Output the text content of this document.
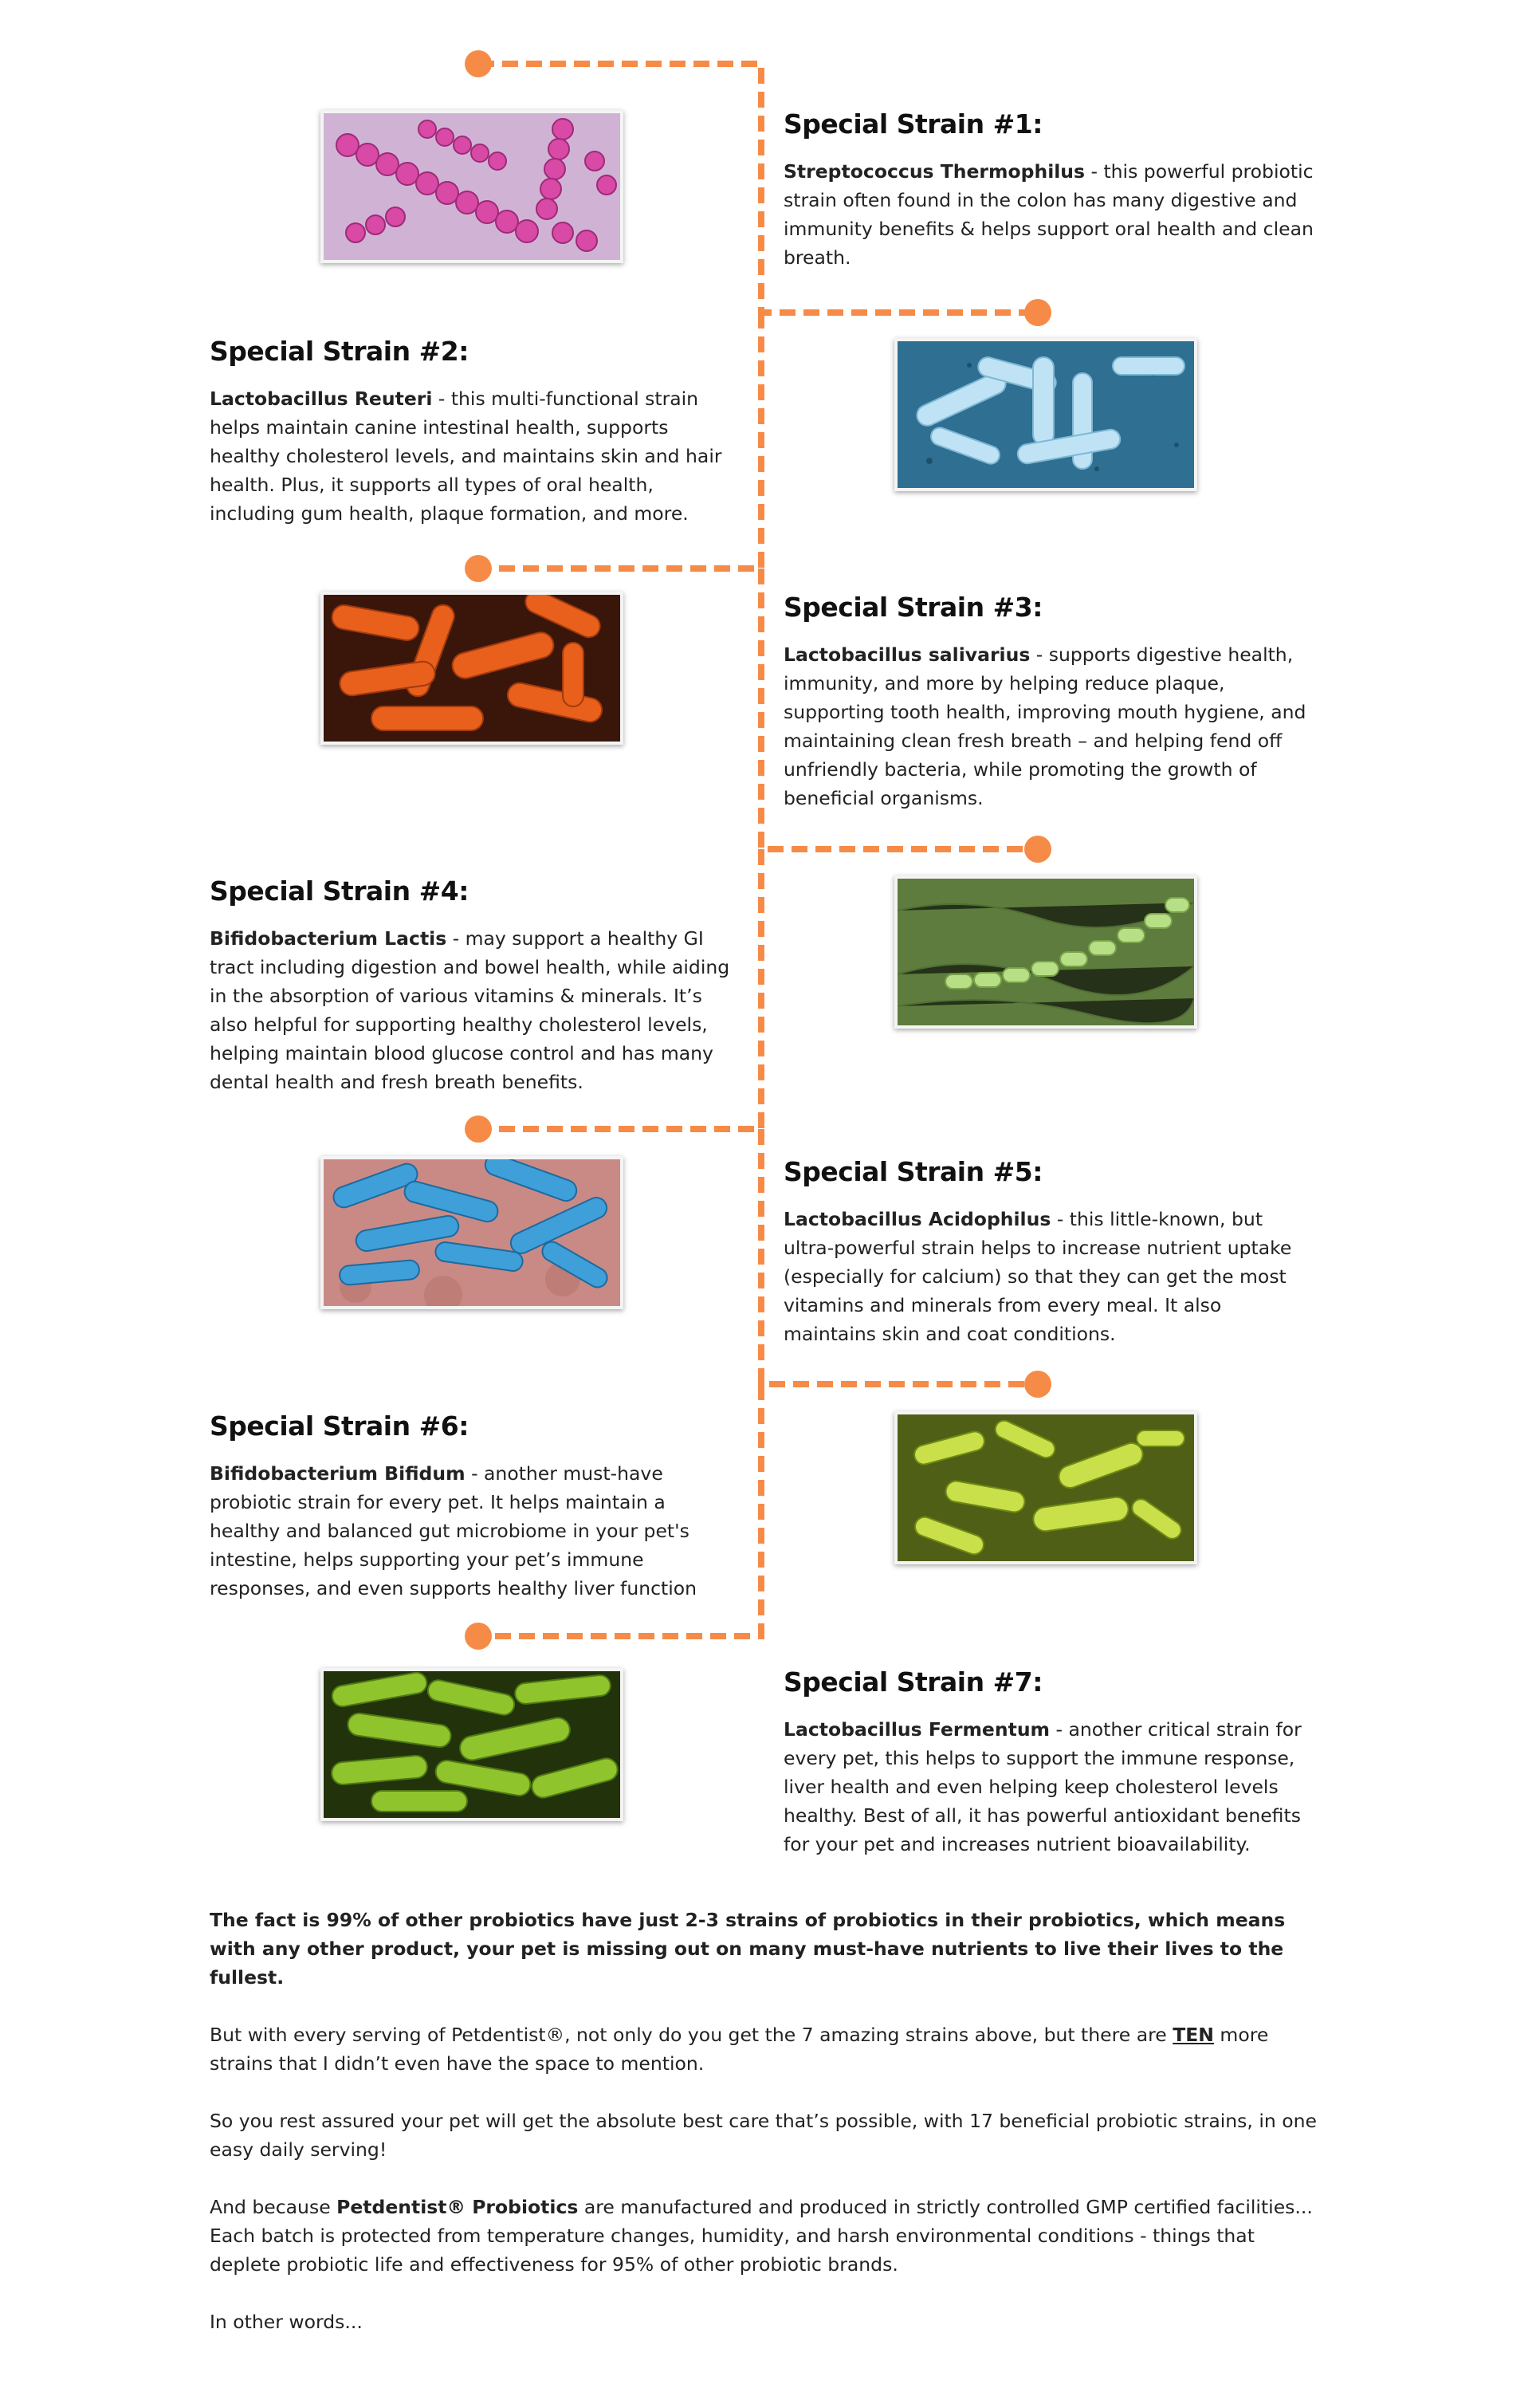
Special Strain #1:

Streptococcus Thermophilus - this powerful probiotic strain often found in the colon has many digestive and immunity benefits & helps support oral health and clean breath.

Special Strain #2:

Lactobacillus Reuteri - this multi-functional strain helps maintain canine intestinal health, supports healthy cholesterol levels, and maintains skin and hair health. Plus, it supports all types of oral health, including gum health, plaque formation, and more.

Special Strain #3:

Lactobacillus salivarius - supports digestive health, immunity, and more by helping reduce plaque, supporting tooth health, improving mouth hygiene, and maintaining clean fresh breath – and helping fend off unfriendly bacteria, while promoting the growth of beneficial organisms.

Special Strain #4:

Bifidobacterium Lactis - may support a healthy GI tract including digestion and bowel health, while aiding in the absorption of various vitamins & minerals. It’s also helpful for supporting healthy cholesterol levels, helping maintain blood glucose control and has many dental health and fresh breath benefits.

Special Strain #5:

Lactobacillus Acidophilus - this little-known, but ultra-powerful strain helps to increase nutrient uptake (especially for calcium) so that they can get the most vitamins and minerals from every meal. It also maintains skin and coat conditions.

Special Strain #6:

Bifidobacterium Bifidum - another must-have probiotic strain for every pet. It helps maintain a healthy and balanced gut microbiome in your pet's intestine, helps supporting your pet’s immune responses, and even supports healthy liver function

Special Strain #7:

Lactobacillus Fermentum - another critical strain for every pet, this helps to support the immune response, liver health and even helping keep cholesterol levels healthy. Best of all, it has powerful antioxidant benefits for your pet and increases nutrient bioavailability.

The fact is 99% of other probiotics have just 2-3 strains of probiotics in their probiotics, which means with any other product, your pet is missing out on many must-have nutrients to live their lives to the fullest.

But with every serving of Petdentist®, not only do you get the 7 amazing strains above, but there are TEN more strains that I didn’t even have the space to mention.

So you rest assured your pet will get the absolute best care that’s possible, with 17 beneficial probiotic strains, in one easy daily serving!

And because Petdentist® Probiotics are manufactured and produced in strictly controlled GMP certified facilities... Each batch is protected from temperature changes, humidity, and harsh environmental conditions - things that deplete probiotic life and effectiveness for 95% of other probiotic brands.

In other words...
